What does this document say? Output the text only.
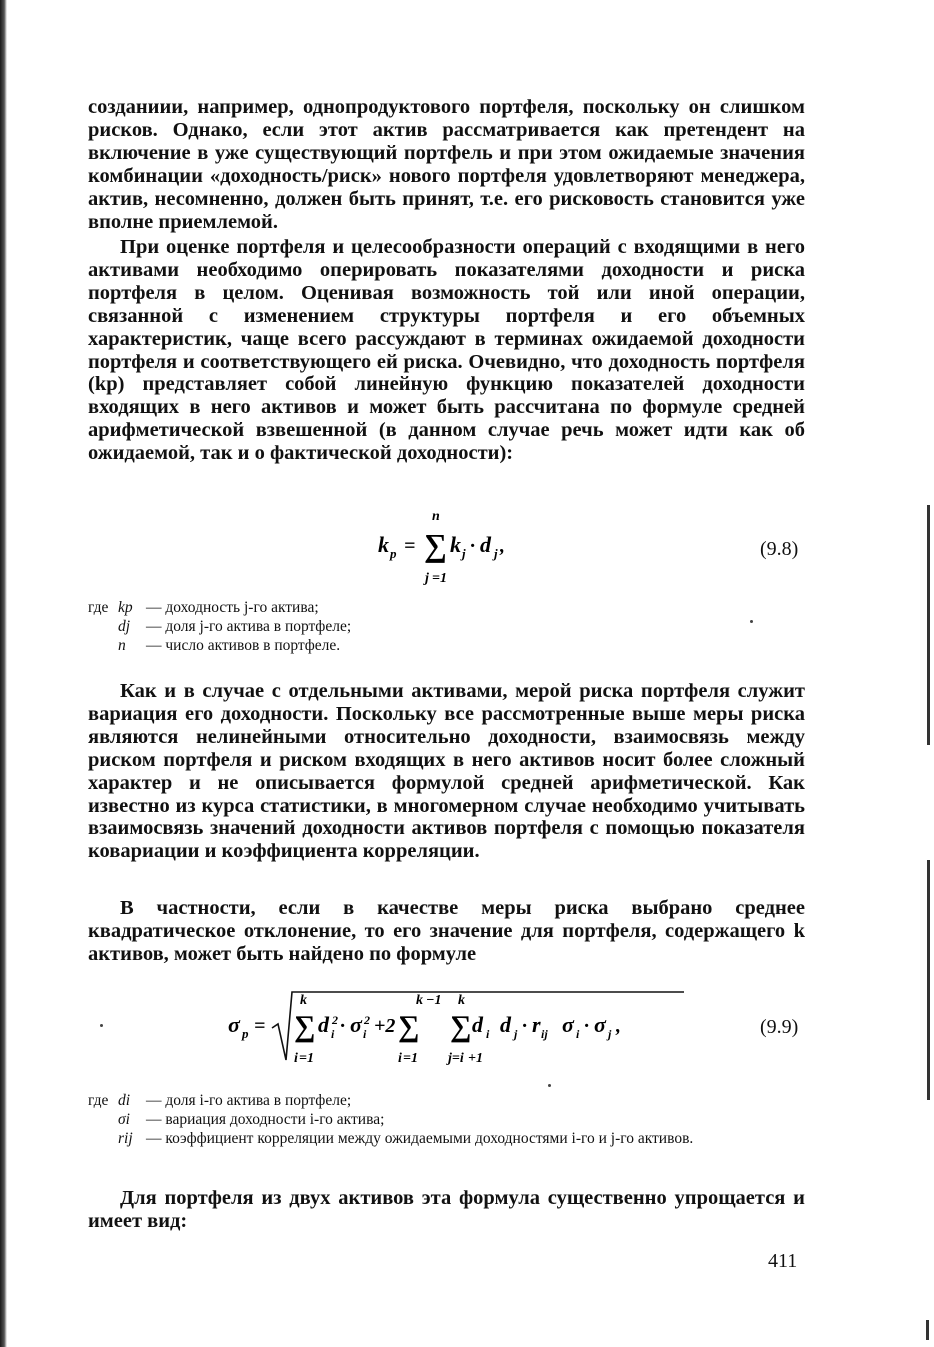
созданиии, например, однопродуктового портфеля, поскольку он слишком рисков. Однако, если этот актив рассматривается как претендент на включение в уже существующий портфель и при этом ожидаемые значения комбинации «доходность/риск» нового портфеля удовлетворяют менеджера, актив, несомненно, должен быть принят, т.е. его рисковость становится уже вполне приемлемой.

При оценке портфеля и целесообразности операций с входящими в него активами необходимо оперировать показателями доходности и риска портфеля в целом. Оценивая возможность той или иной операции, связанной с изменением структуры портфеля и его объемных характеристик, чаще всего рассуждают в терминах ожидаемой доходности портфеля и соответствующего ей риска. Очевидно, что доходность портфеля (kp) представляет собой линейную функцию показателей доходности входящих в него активов и может быть рассчитана по формуле средней арифметической взвешенной (в данном случае речь может идти как об ожидаемой, так и о фактической доходности):

n
k p = ∑ k j · d j ,
j =1
(9.8)
где kp — доходность j-го актива;
dj	— доля j-го актива в портфеле;
n	— число активов в портфеле.

Как и в случае с отдельными активами, мерой риска портфеля служит вариация его доходности. Поскольку все рассмотренные выше меры риска являются нелинейными относительно доходности, взаимосвязь между риском портфеля и риском входящих в него активов носит более сложный характер и не описывается формулой средней арифметической. Как известно из курса статистики, в многомерном случае необходимо учитывать взаимосвязь значений доходности активов портфеля с помощью показателя ковариации и коэффициента корреляции.

В частности, если в качестве меры риска выбрано среднее квадратическое отклонение, то его значение для портфеля, содержащего k активов, может быть найдено по формуле

σ p =
k
∑ d 2
i · σ 2
i +2
k −1
∑
k
∑ d i d j · r ij σ i · σ j ,
i =1	i =1 j=i +1
(9.9)
где di	— доля i-го актива в портфеле;
σi	— вариация доходности i-го актива;
rij — коэффициент корреляции между ожидаемыми доходностями i-го и j-го активов.

Для портфеля из двух активов эта формула существенно упрощается и имеет вид:

411
